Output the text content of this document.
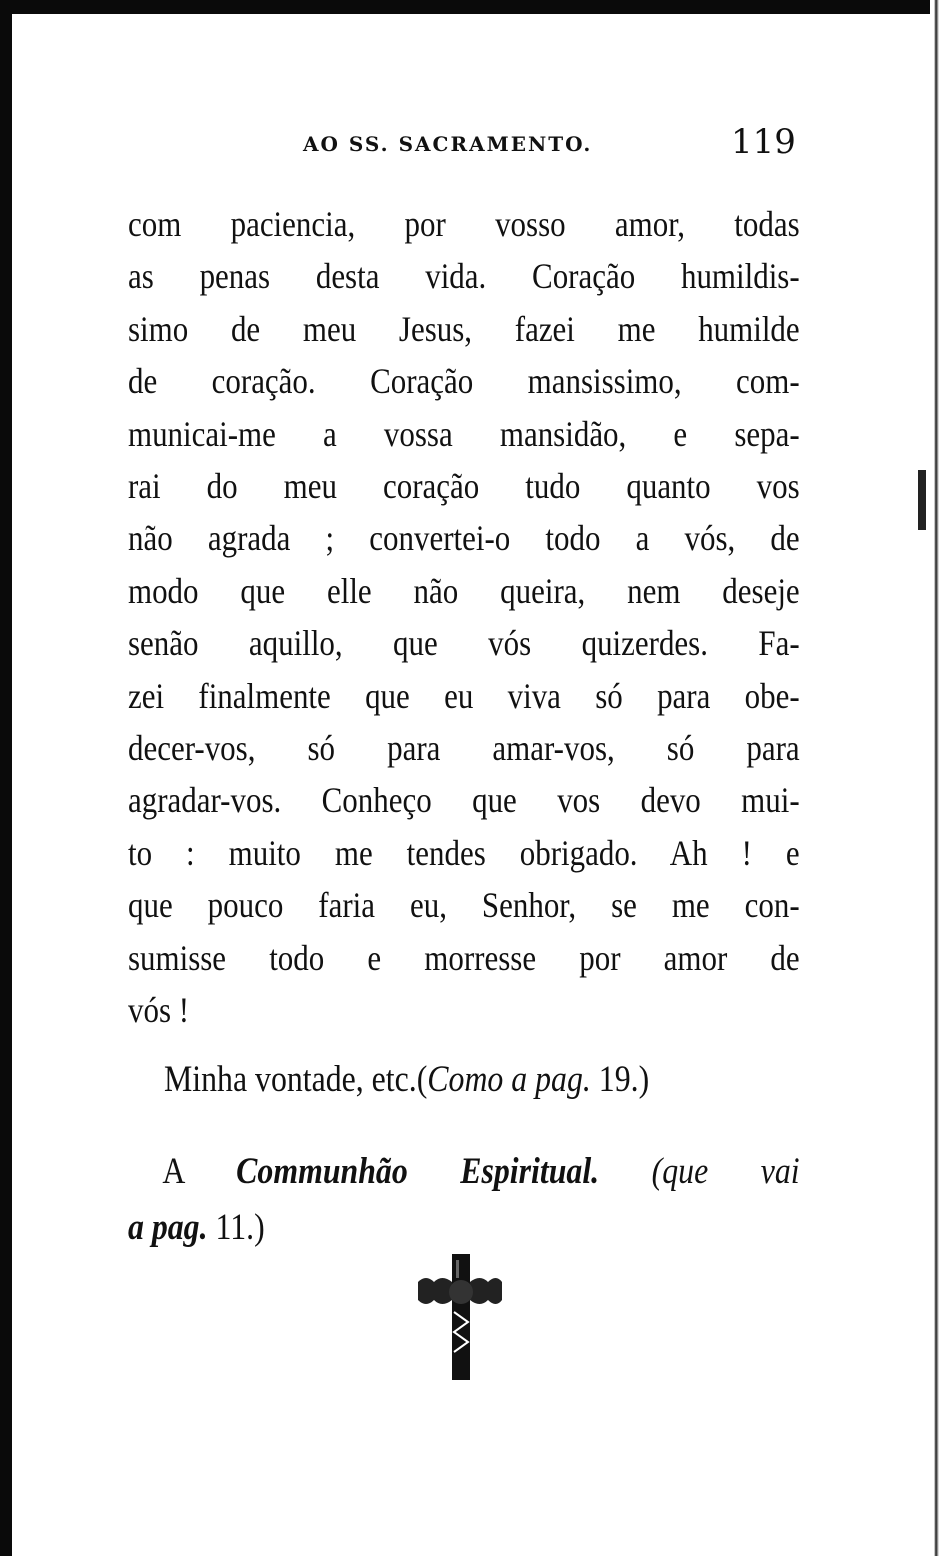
AO SS. SACRAMENTO.	119
com paciencia, por vosso amor, todas
as penas desta vida. Coração humildis-
simo de meu Jesus, fazei me humilde
de coração. Coração mansissimo, com-
municai-me a vossa mansidão, e sepa-
rai do meu coração tudo quanto vos
não agrada ; convertei-o todo a vós, de
modo que elle não queira, nem deseje
senão aquillo, que vós quizerdes. Fa-
zei finalmente que eu viva só para obe-
decer-vos, só para amar-vos, só para
agradar-vos. Conheço que vos devo mui-
to : muito me tendes obrigado. Ah ! e
que pouco faria eu, Senhor, se me con-
sumisse todo e morresse por amor de
vós !
Minha vontade, etc.(Como a pag. 19.)
A Communhão Espiritual. (que vai
a pag. 11.)
